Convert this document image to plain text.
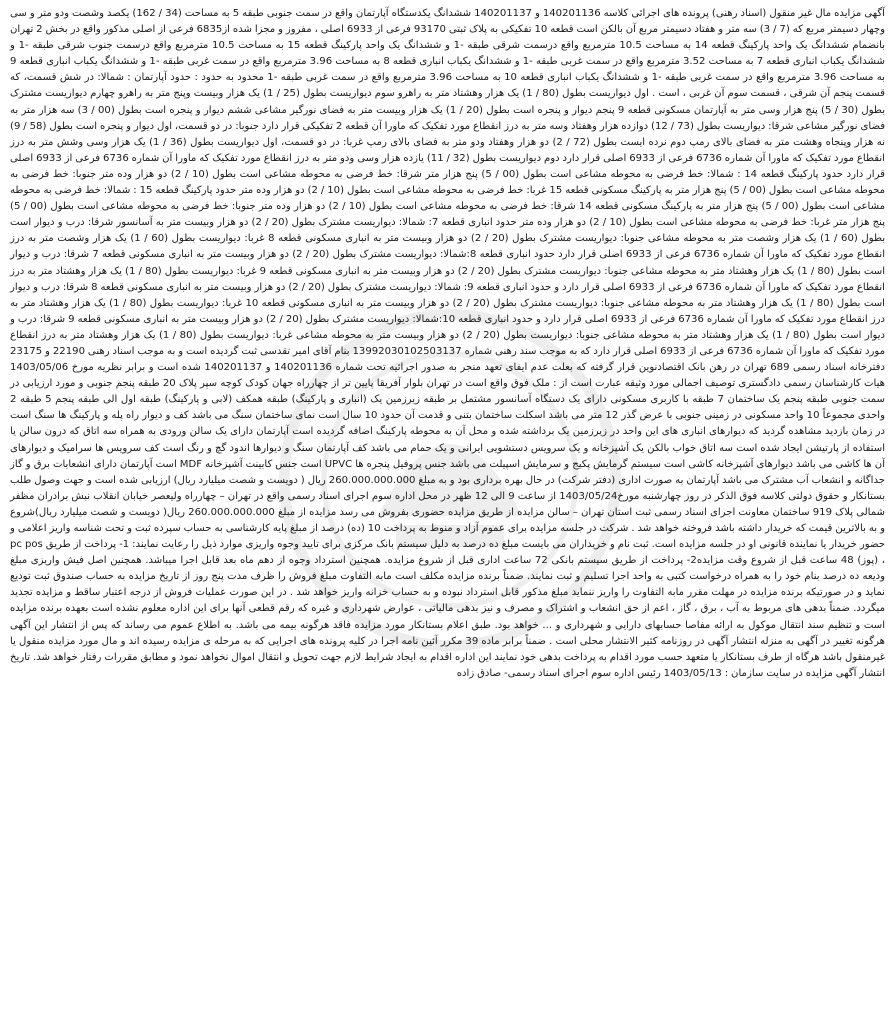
آگهی مزایده مال غیر منقول (اسناد رهنی) پرونده های اجرائی کلاسه 140201136 و 140201137 ششدانگ یکدستگاه آپارتمان واقع در سمت جنوبی طبقه 5 به مساحت (34 / 162) یکصد وشصت ودو متر و سی وچهار دسیمتر مربع که (7 / 3) سه متر و هفتاد دسیمتر مربع آن بالکن است قطعه 10 تفکیکی به پلاک ثبتی 93170 فرعی از 6933 اصلی ، مفروز و مجزا شده از6835 فرعی از اصلی مذکور واقع در بخش 2 تهران بانضمام ششدانگ یک واحد پارکینگ قطعه 14 به مساحت 10.5 مترمربع واقع درسمت شرقی طبقه -1 و ششدانگ یک واحد پارکینگ قطعه 15 به مساحت 10.5 مترمربع واقع درسمت جنوب شرقی طبقه -1 و ششدانگ یکباب انباری قطعه 7 به مساحت 3.52 مترمربع واقع در سمت غربی طبقه -1 و ششدانگ یکباب انباری قطعه 8 به مساحت 3.96 مترمربع واقع در سمت غربی طبقه -1 و ششدانگ یکباب انباری قطعه 9 به مساحت 3.96 مترمربع واقع در سمت غربی طبقه -1 و ششدانگ یکباب انباری قطعه 10 به مساحت 3.96 مترمربع واقع در سمت غربی طبقه -1 محدود به حدود : حدود آپارتمان : شمالا: در شش قسمت، که قسمت پنجم آن شرقی ، قسمت سوم آن غربی ، است . اول دیواریست بطول (80 / 1) یک هزار وهشتاد متر به راهرو سوم دیواریست بطول (25 / 1) یک هزار وبیست وپنج متر به راهرو چهارم دیواریست مشترک بطول (30 / 5) پنج هزار وسی متر به آپارتمان مسکونی قطعه 9 پنجم دیوار و پنجره است بطول (20 / 1) یک هزار وبیست متر به فضای نورگیر مشاعی ششم دیوار و پنجره است بطول (00 / 3) سه هزار متر به فضای نورگیر مشاعی شرقا: دیواریست بطول (73 / 12) دوازده هزار وهفتاد وسه متر به درز انقطاع مورد تفکیک که ماورا آن قطعه 2 تفکیکی قرار دارد جنوبا: در دو قسمت، اول دیوار و پنجره است بطول (58 / 9) نه هزار وپنجاه وهشت متر به فضای بالای رمپ دوم نرده ایست بطول (72 / 2) دو هزار وهفتاد ودو متر به فضای بالای رمپ غربا: در دو قسمت، اول دیواریست بطول (36 / 1) یک هزار وسی وشش متر به درز انقطاع مورد تفکیک که ماورا آن شماره 6736 فرعی از 6933 اصلی قرار دارد دوم دیواریست بطول (32 / 11) یازده هزار وسی ودو متر به درز انقطاع مورد تفکیک که ماورا آن شماره 6736 فرعی از 6933 اصلی قرار دارد حدود پارکینگ قطعه 14 : شمالا: خط فرضی به محوطه مشاعی است بطول (00 / 5) پنج هزار متر شرقا: خط فرضی به محوطه مشاعی است بطول (10 / 2) دو هزار وده متر جنوبا: خط فرضی به محوطه مشاعی است بطول (00 / 5) پنج هزار متر به پارکینگ مسکونی قطعه 15 غربا: خط فرضی به محوطه مشاعی است بطول (10 / 2) دو هزار وده متر حدود پارکینگ قطعه 15 : شمالا: خط فرضی به محوطه مشاعی است بطول (00 / 5) پنج هزار متر به پارکینگ مسکونی قطعه 14 شرقا: خط فرضی به محوطه مشاعی است بطول (10 / 2) دو هزار وده متر جنوبا: خط فرضی به محوطه مشاعی است بطول (00 / 5) پنج هزار متر غربا: خط فرضی به محوطه مشاعی است بطول (10 / 2) دو هزار وده متر حدود انباری قطعه 7: شمالا: دیواریست مشترک بطول (20 / 2) دو هزار وبیست متر به آسانسور شرقا: درب و دیوار است بطول (60 / 1) یک هزار وشصت متر به محوطه مشاعی جنوبا: دیواریست مشترک بطول (20 / 2) دو هزار وبیست متر به انباری مسکونی قطعه 8 غربا: دیواریست بطول (60 / 1) یک هزار وشصت متر به درز انقطاع مورد تفکیک که ماورا آن شماره 6736 فرعی از 6933 اصلی قرار دارد حدود انباری قطعه 8:شمالا: دیواریست مشترک بطول (20 / 2) دو هزار وبیست متر به انباری مسکونی قطعه 7 شرقا: درب و دیوار است بطول (80 / 1) یک هزار وهشتاد متر به محوطه مشاعی جنوبا: دیواریست مشترک بطول (20 / 2) دو هزار وبیست متر به انباری مسکونی قطعه 9 غربا: دیواریست بطول (80 / 1) یک هزار وهشتاد متر به درز انقطاع مورد تفکیک که ماورا آن شماره 6736 فرعی از 6933 اصلی قرار دارد و حدود انباری قطعه 9: شمالا: دیواریست مشترک بطول (20 / 2) دو هزار وبیست متر به انباری مسکونی قطعه 8 شرقا: درب و دیوار است بطول (80 / 1) یک هزار وهشتاد متر به محوطه مشاعی جنوبا: دیواریست مشترک بطول (20 / 2) دو هزار وبیست متر به انباری مسکونی قطعه 10 غربا: دیواریست بطول (80 / 1) یک هزار وهشتاد متر به درز انقطاع مورد تفکیک که ماورا آن شماره 6736 فرعی از 6933 اصلی قرار دارد و حدود انباری قطعه 10:شمالا: دیواریست مشترک بطول (20 / 2) دو هزار وبیست متر به انباری مسکونی قطعه 9 شرقا: درب و دیوار است بطول (80 / 1) یک هزار وهشتاد متر به محوطه مشاعی جنوبا: دیواریست بطول (20 / 2) دو هزار وبیست متر به محوطه مشاعی غربا: دیواریست بطول (80 / 1) یک هزار وهشتاد متر به درز انقطاع مورد تفکیک که ماورا آن شماره 6736 فرعی از 6933 اصلی قرار دارد که به موجب سند رهنی شماره 13992030102503137 بنام آقای امیر تقدسی ثبت گردیده است و به موجب اسناد رهنی 22190 و 23175 دفترخانه اسناد رسمی 689 تهران در رهن بانک اقتصادنوین قرار گرفته که بعلت عدم ایفای تعهد منجر به صدور اجرائیه تحت شماره 140201136 و 140201137 شده است و برابر نظریه مورخ 1403/05/06 هیات کارشناسان رسمی دادگستری توصیف اجمالی مورد وثیقه عبارت است از : ملک فوق واقع است در تهران بلوار آفریقا پایین تر از چهارراه جهان کودک کوچه سپر پلاک 20 طبقه پنجم جنوبی و مورد ارزیابی در سمت جنوبی طبقه پنجم یک ساختمان 7 طبقه با کاربری مسکونی دارای یک دستگاه آسانسور مشتمل بر طبقه زیرزمین یک (انباری و پارکینگ) طبقه همکف (لابی و پارکینگ) طبقه اول الی طبقه پنجم 5 طبقه 2 واحدی مجموعاً 10 واحد مسکونی در زمینی جنوبی با عرض گذر 12 متر می باشد اسکلت ساختمان بتنی و قدمت آن حدود 10 سال است نمای ساختمان سنگ می باشد کف و دیوار راه پله و پارکینگ ها سنگ است در زمان بازدید مشاهده گردید که دیوارهای انباری های این واحد در زیرزمین یک برداشته شده و محل آن به محوطه پارکینگ اضافه گردیده است آپارتمان دارای یک سالن ورودی به همراه سه اتاق که درون سالن یا استفاده از پارتیشن ایجاد شده است سه اتاق خواب بالکن یک آشپزخانه و یک سرویس دستشویی ایرانی و یک حمام می باشد کف آپارتمان سنگ و دیوارها اندود گچ و رنگ است کف سرویس ها سرامیک و دیوارهای آن ها کاشی می باشد دیوارهای آشپزخانه کاشی است سیستم گرمایش پکیج و سرمایش اسپیلت می باشد جنس پروفیل پنجره ها UPVC است جنس کابینت آشپزخانه MDF است آپارتمان دارای انشعابات برق و گاز جداگانه و انشعاب آب مشترک می باشد آپارتمان به صورت اداری (دفتر شرکت) در حال بهره برداری بود و به مبلغ 260.000.000.000 ریال ( دویست و شصت میلیارد ریال) ارزیابی شده است و جهت وصول طلب بستانکار و حقوق دولتی کلاسه فوق الذکر در روز چهارشنبه مورخ1403/05/24 از ساعت 9 الی 12 ظهر در محل اداره سوم اجرای اسناد رسمی واقع در تهران – چهارراه ولیعصر خیابان انقلاب نبش برادران مظفر شمالی پلاک 919 ساختمان معاونت اجرای اسناد رسمی ثبت استان تهران – سالن مزایده از طریق مزایده حضوری بفروش می رسد مزایده از مبلغ 260.000.000.000 ریال( دویست و شصت میلیارد ریال)شروع و به بالاترین قیمت که خریدار داشته باشد فروخته خواهد شد . شرکت در جلسه مزایده برای عموم آزاد و منوط به پرداخت 10 (ده) درصد از مبلغ پایه کارشناسی به حساب سپرده ثبت و تحت شناسه واریز اعلامی و حضور خریدار یا نماینده قانونی او در جلسه مزایده است. ثبت نام و خریداران می بایست مبلغ ده درصد به دلیل سیستم بانک مرکزی برای تایید وجوه واریزی موارد ذیل را رعایت نمایند: 1- پرداخت از طریق pc pos ، (پوز) 48 ساعت قبل از شروع وقت مزایده2- پرداخت از طریق سیستم بانکی 72 ساعت اداری قبل از شروع مزایده. همچنین استرداد وجوه از دهم ماه بعد قابل اجرا میباشد. همچنین اصل فیش واریزی مبلغ ودیعه ده درصد بنام خود را به همراه درخواست کتبی به واحد اجرا تسلیم و ثبت نمایند. ضمناً برنده مزایده مکلف است مابه التفاوت مبلغ فروش را ظرف مدت پنج روز از تاریخ مزایده به حساب صندوق ثبت تودیع نماید و در صورتیکه برنده مزایده در مهلت مقرر مابه التفاوت را واریز ننماید مبلغ مذکور قابل استرداد نبوده و به حساب خزانه واریز خواهد شد . در این صورت عملیات فروش از درجه اعتبار ساقط و مزایده تجدید میگردد. ضمناً بدهی های مربوط به آب ، برق ، گاز ، اعم از حق انشعاب و اشتراک و مصرف و نیز بدهی مالیاتی ، عوارض شهرداری و غیره که رقم قطعی آنها برای این اداره معلوم نشده است بعهده برنده مزایده است و تنظیم سند انتقال موکول به ارائه مفاصا حسابهای دارایی و شهرداری و ... خواهد بود. طبق اعلام بستانکار مورد مزایده فاقد هرگونه بیمه می باشد. به اطلاع عموم می رساند که پس از انتشار این آگهی هرگونه تغییر در آگهی به منزله انتشار آگهی در روزنامه کثیر الانتشار محلی است . ضمناً برابر ماده 39 مکرر آئین نامه اجرا در کلیه پرونده های اجرایی که به مرحله ی مزایده رسیده اند و مال مورد مزایده منقول یا غیرمنقول باشد هرگاه از طرف بستانکار یا متعهد حسب مورد اقدام به پرداخت بدهی خود نمایند این اداره اقدام به ایجاد شرایط لازم جهت تحویل و انتقال اموال نخواهد نمود و مطابق مقررات رفتار خواهد شد. تاریخ انتشار آگهی مزایده در سایت سازمان : 1403/05/13 رئیس اداره سوم اجرای اسناد رسمی- صادق زاده
